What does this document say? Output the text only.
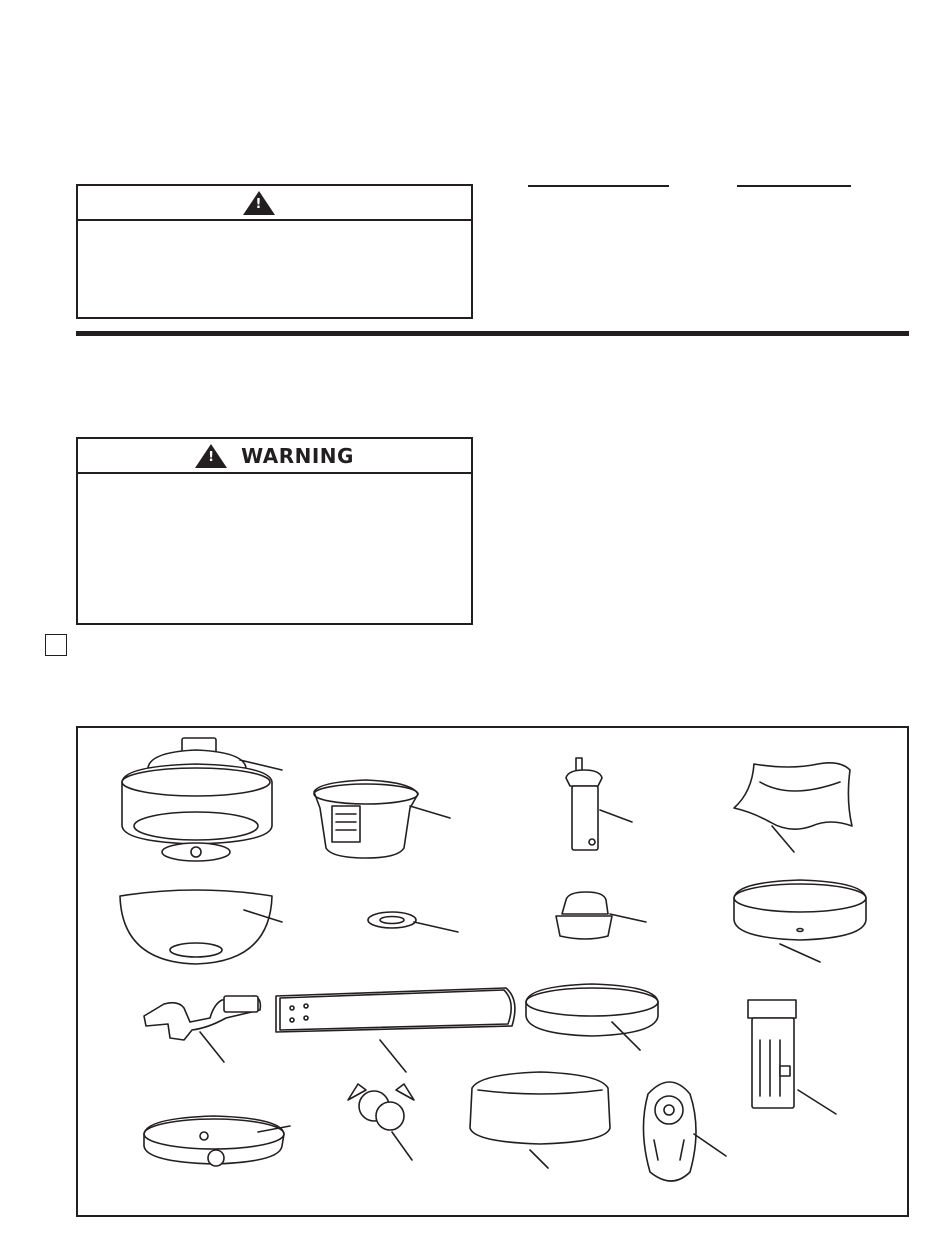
!
! WARNING
